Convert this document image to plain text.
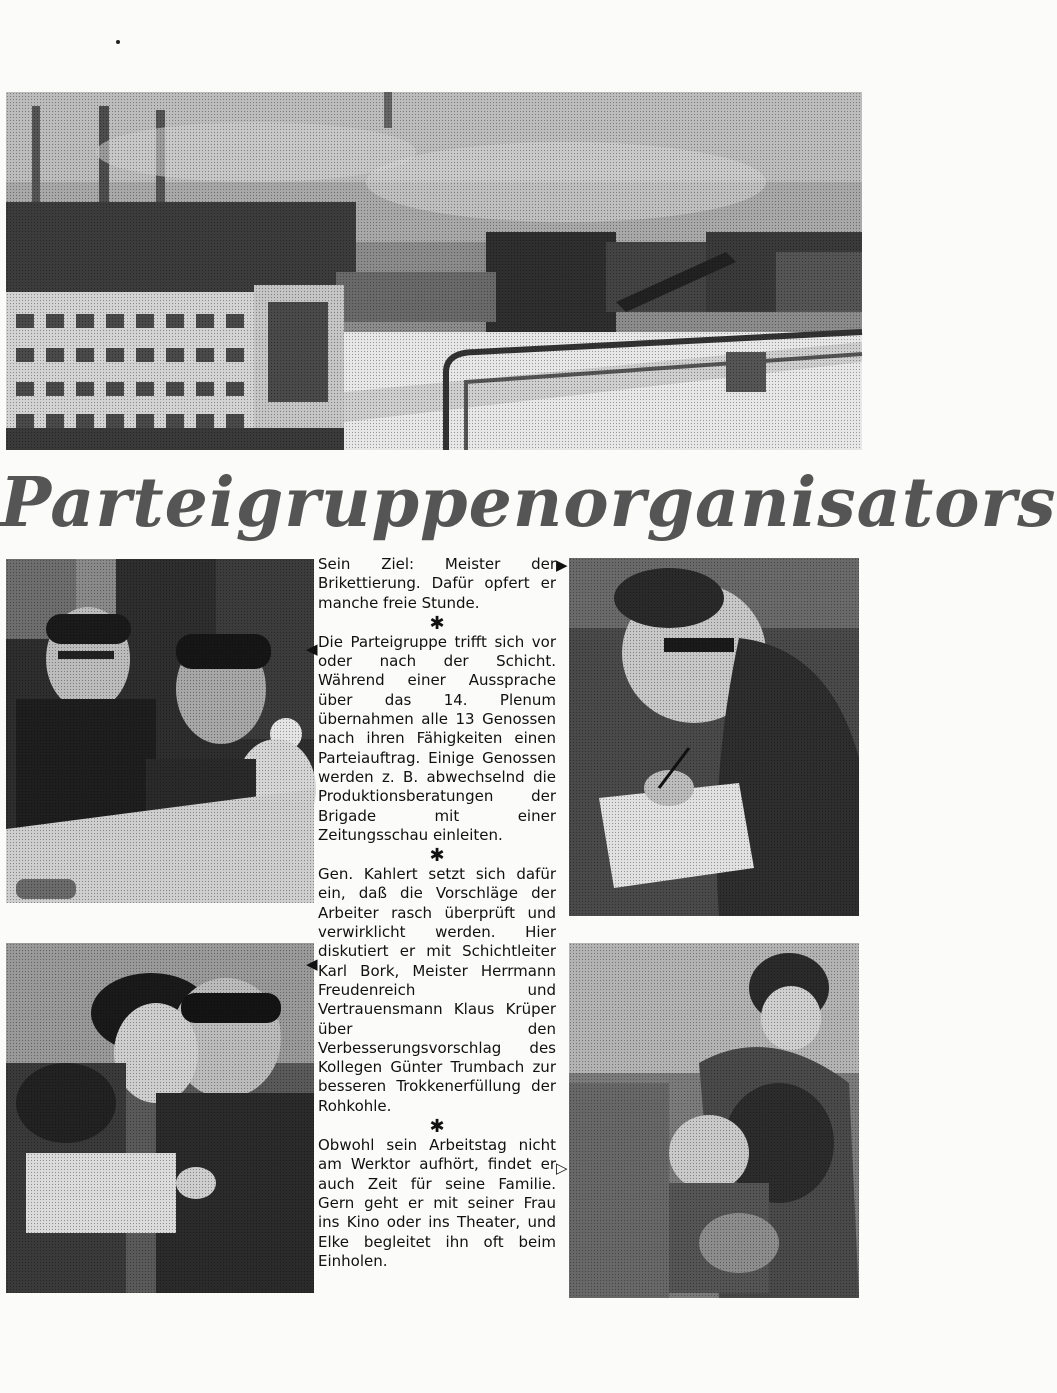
Parteigruppenorganisators

Sein Ziel: Meister der Brikettierung. Dafür opfert er manche freie Stunde.

✱

Die Parteigruppe trifft sich vor oder nach der Schicht. Während einer Aussprache über das 14. Plenum übernahmen alle 13 Genossen nach ihren Fähigkeiten einen Parteiauftrag. Einige Genossen werden z. B. abwechselnd die Produktionsberatungen der Brigade mit einer Zeitungsschau einleiten.

✱

Gen. Kahlert setzt sich dafür ein, daß die Vorschläge der Arbeiter rasch überprüft und verwirklicht werden. Hier diskutiert er mit Schichtleiter Karl Bork, Meister Herrmann Freudenreich und Vertrauensmann Klaus Krüper über den Verbesserungsvorschlag des Kollegen Günter Trumbach zur besseren Trokkenerfüllung der Rohkohle.

✱

Obwohl sein Arbeitstag nicht am Werktor aufhört, findet er auch Zeit für seine Familie. Gern geht er mit seiner Frau ins Kino oder ins Theater, und Elke begleitet ihn oft beim Einholen.

▶
◀
◀
▷
